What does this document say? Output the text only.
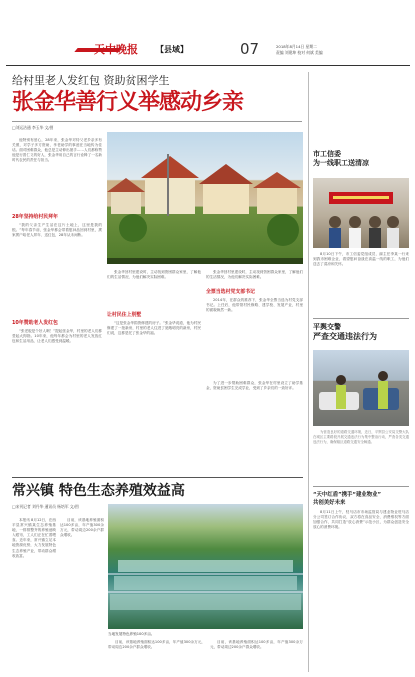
天中晚报 【县域】	07	2018年8月14日 星期二
责编 刘建坤 校对 何斌 美编
给村里老人发红包 资助贫困学生
张金华善行义举感动乡亲
□刘运洁通 李玉华 文/图
他特别有爱心，28年来，张金华对待父老乡亲多有关照，对学子多方资助，孝老助学的事迹在当地传为佳话。面对困难群众，他总是主动伸出援手……人们都称赞他是行善仁义的好人，张金华用自己的言行诠释了一名新时代农民的责任与担当。
28年坚持给村民拜年
“我的父亲生产生活在这片土地上，这里是我的根。”每年春节前，张金华都会带着慰问品回到村里，挨家挨户给老人拜年、送红包，28年从未间断。
10年赞助老人发红包
“张老板是个好人啊！”提起张金华，村里的老人们都竖起大拇指。10年来，他每年都会为村里的老人发放红包和生活用品，让老人们感受到温暖。
张金华回村里建设时，主动找到资困群众家里，了解他们的生活情况，为他们解决实际困难。
让村民住上别墅
“这是张金华捐资修建的房子。”张金华说道，他为村民修建了一批新房，村里的老人住进了宽敞明亮的新房，村民们说，这都是托了张金华的福。
张金华回村里建设时，主动找到资困群众家里，了解他们的生活情况，为他们解决实际困难。
全票当选村党支部书记
2014年，在群众的推荐下，张金华全票当选为村党支部书记。上任后，他带领村民修路、建学校、发展产业，村里的面貌焕然一新。
为了进一步帮助困难群众，张金华在村里设立了助学基金，资助贫困学生完成学业，受到了乡亲们的一致好评。
市工信委
为一线职工送清凉
8月10日下午，市工信委党组成员、副主任李某一行来到我市困难企业，看望慰问奋战在高温一线的职工，为他们送去了清凉和关怀。
平舆交警
严查交通违法行为
为营造良好的道路交通环境，近日，平舆县公安局交警大队在城区主要路段开展交通违法行为集中整治行动，严查各类交通违法行为，确保辖区道路交通安全畅通。
“天中红盾”携手“建业物业”
共创美好未来
8月11日上午，驻马店市市场监管局与建业物业驻马店分公司签订合作协议，双方将在食品安全、消费维权等方面加强合作，共同打造“放心消费”示范小区，为群众创造安全放心的消费环境。
常兴镇 特色生态养殖效益高
□宋刊记者 刘丹华 通讯员 杨培军 文/图
本报讯 8月12日，在西平县常兴镇某生态养殖基地，一排排整齐的养殖池映入眼帘，工人们正在忙着喂食。近年来，常兴镇立足本地资源优势，大力发展特色生态养殖产业，带动群众增收致富。
目前，该基地养殖面积达100多亩，年产值300余万元，带动周边200余户群众增收。
当地发展特色养殖100多亩。
目前，该基地养殖面积达100多亩，年产值300余万元，带动周边200余户群众增收。
目前，该基地养殖面积达100多亩，年产值300余万元，带动周边200余户群众增收。
